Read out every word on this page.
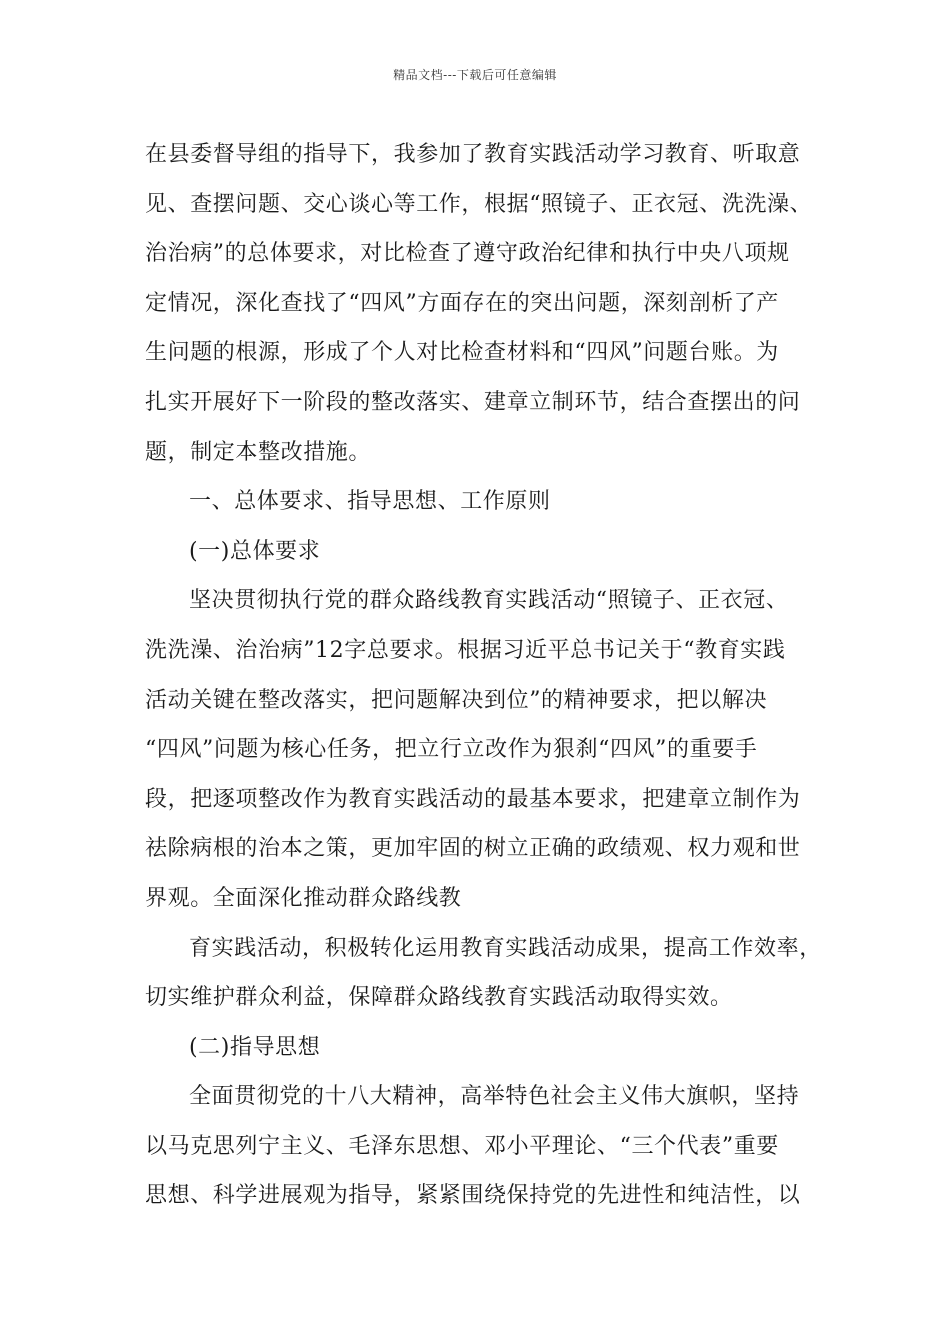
精品文档---下载后可任意编辑
在县委督导组的指导下，我参加了教育实践活动学习教育、听取意
见、查摆问题、交心谈心等工作，根据“照镜子、正衣冠、洗洗澡、
治治病”的总体要求，对比检查了遵守政治纪律和执行中央八项规
定情况，深化查找了“四风”方面存在的突出问题，深刻剖析了产
生问题的根源，形成了个人对比检查材料和“四风”问题台账。为
扎实开展好下一阶段的整改落实、建章立制环节，结合查摆出的问
题，制定本整改措施。
一、总体要求、指导思想、工作原则
(一)总体要求
坚决贯彻执行党的群众路线教育实践活动“照镜子、正衣冠、
洗洗澡、治治病”12字总要求。根据习近平总书记关于“教育实践
活动关键在整改落实，把问题解决到位”的精神要求，把以解决
“四风”问题为核心任务，把立行立改作为狠刹“四风”的重要手
段，把逐项整改作为教育实践活动的最基本要求，把建章立制作为
祛除病根的治本之策，更加牢固的树立正确的政绩观、权力观和世
界观。全面深化推动群众路线教
育实践活动，积极转化运用教育实践活动成果，提高工作效率，
切实维护群众利益，保障群众路线教育实践活动取得实效。
(二)指导思想
全面贯彻党的十八大精神，高举特色社会主义伟大旗帜，坚持
以马克思列宁主义、毛泽东思想、邓小平理论、“三个代表”重要
思想、科学进展观为指导，紧紧围绕保持党的先进性和纯洁性，以
